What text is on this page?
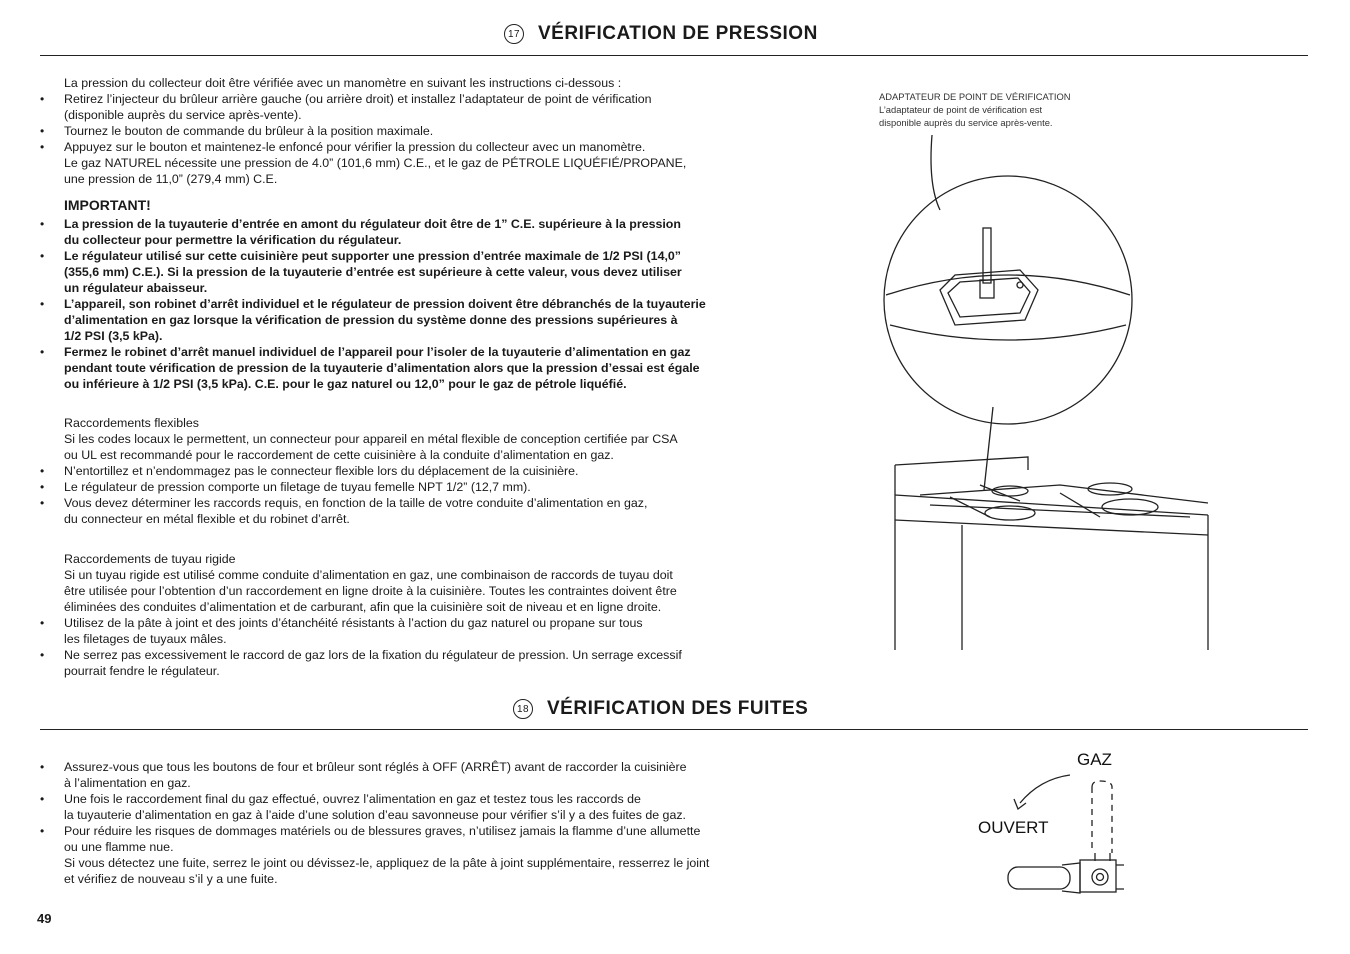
17 VÉRIFICATION DE PRESSION
La pression du collecteur doit être vérifiée avec un manomètre en suivant les instructions ci-dessous :
• Retirez l’injecteur du brûleur arrière gauche (ou arrière droit) et installez l’adaptateur de point de vérification
(disponible auprès du service après-vente).
• Tournez le bouton de commande du brûleur à la position maximale.
• Appuyez sur le bouton et maintenez-le enfoncé pour vérifier la pression du collecteur avec un manomètre.
Le gaz NATUREL nécessite une pression de 4.0” (101,6 mm) C.E., et le gaz de PÉTROLE LIQUÉFIÉ/PROPANE,
une pression de 11,0” (279,4 mm) C.E.
IMPORTANT!
• La pression de la tuyauterie d’entrée en amont du régulateur doit être de 1” C.E. supérieure à la pression
du collecteur pour permettre la vérification du régulateur.
• Le régulateur utilisé sur cette cuisinière peut supporter une pression d’entrée maximale de 1/2 PSI (14,0”
(355,6 mm) C.E.). Si la pression de la tuyauterie d’entrée est supérieure à cette valeur, vous devez utiliser
un régulateur abaisseur.
• L’appareil, son robinet d’arrêt individuel et le régulateur de pression doivent être débranchés de la tuyauterie
d’alimentation en gaz lorsque la vérification de pression du système donne des pressions supérieures à
1/2 PSI (3,5 kPa).
• Fermez le robinet d’arrêt manuel individuel de l’appareil pour l’isoler de la tuyauterie d’alimentation en gaz
pendant toute vérification de pression de la tuyauterie d’alimentation alors que la pression d’essai est égale
ou inférieure à 1/2 PSI (3,5 kPa). C.E. pour le gaz naturel ou 12,0” pour le gaz de pétrole liquéfié.
Raccordements flexibles
Si les codes locaux le permettent, un connecteur pour appareil en métal flexible de conception certifiée par CSA
ou UL est recommandé pour le raccordement de cette cuisinière à la conduite d’alimentation en gaz.
• N’entortillez et n’endommagez pas le connecteur flexible lors du déplacement de la cuisinière.
• Le régulateur de pression comporte un filetage de tuyau femelle NPT 1/2” (12,7 mm).
• Vous devez déterminer les raccords requis, en fonction de la taille de votre conduite d’alimentation en gaz,
du connecteur en métal flexible et du robinet d’arrêt.
Raccordements de tuyau rigide
Si un tuyau rigide est utilisé comme conduite d’alimentation en gaz, une combinaison de raccords de tuyau doit
être utilisée pour l’obtention d’un raccordement en ligne droite à la cuisinière. Toutes les contraintes doivent être
éliminées des conduites d’alimentation et de carburant, afin que la cuisinière soit de niveau et en ligne droite.
• Utilisez de la pâte à joint et des joints d’étanchéité résistants à l’action du gaz naturel ou propane sur tous
les filetages de tuyaux mâles.
• Ne serrez pas excessivement le raccord de gaz lors de la fixation du régulateur de pression. Un serrage excessif
pourrait fendre le régulateur.
ADAPTATEUR DE POINT DE VÉRIFICATION
L’adaptateur de point de vérification est
disponible auprès du service après-vente.
18 VÉRIFICATION DES FUITES
• Assurez-vous que tous les boutons de four et brûleur sont réglés à OFF (ARRÊT) avant de raccorder la cuisinière
à l’alimentation en gaz.
• Une fois le raccordement final du gaz effectué, ouvrez l’alimentation en gaz et testez tous les raccords de
la tuyauterie d’alimentation en gaz à l’aide d’une solution d’eau savonneuse pour vérifier s’il y a des fuites de gaz.
• Pour réduire les risques de dommages matériels ou de blessures graves, n’utilisez jamais la flamme d’une allumette
ou une flamme nue.
Si vous détectez une fuite, serrez le joint ou dévissez-le, appliquez de la pâte à joint supplémentaire, resserrez le joint
et vérifiez de nouveau s’il y a une fuite.
GAZ
OUVERT
49
